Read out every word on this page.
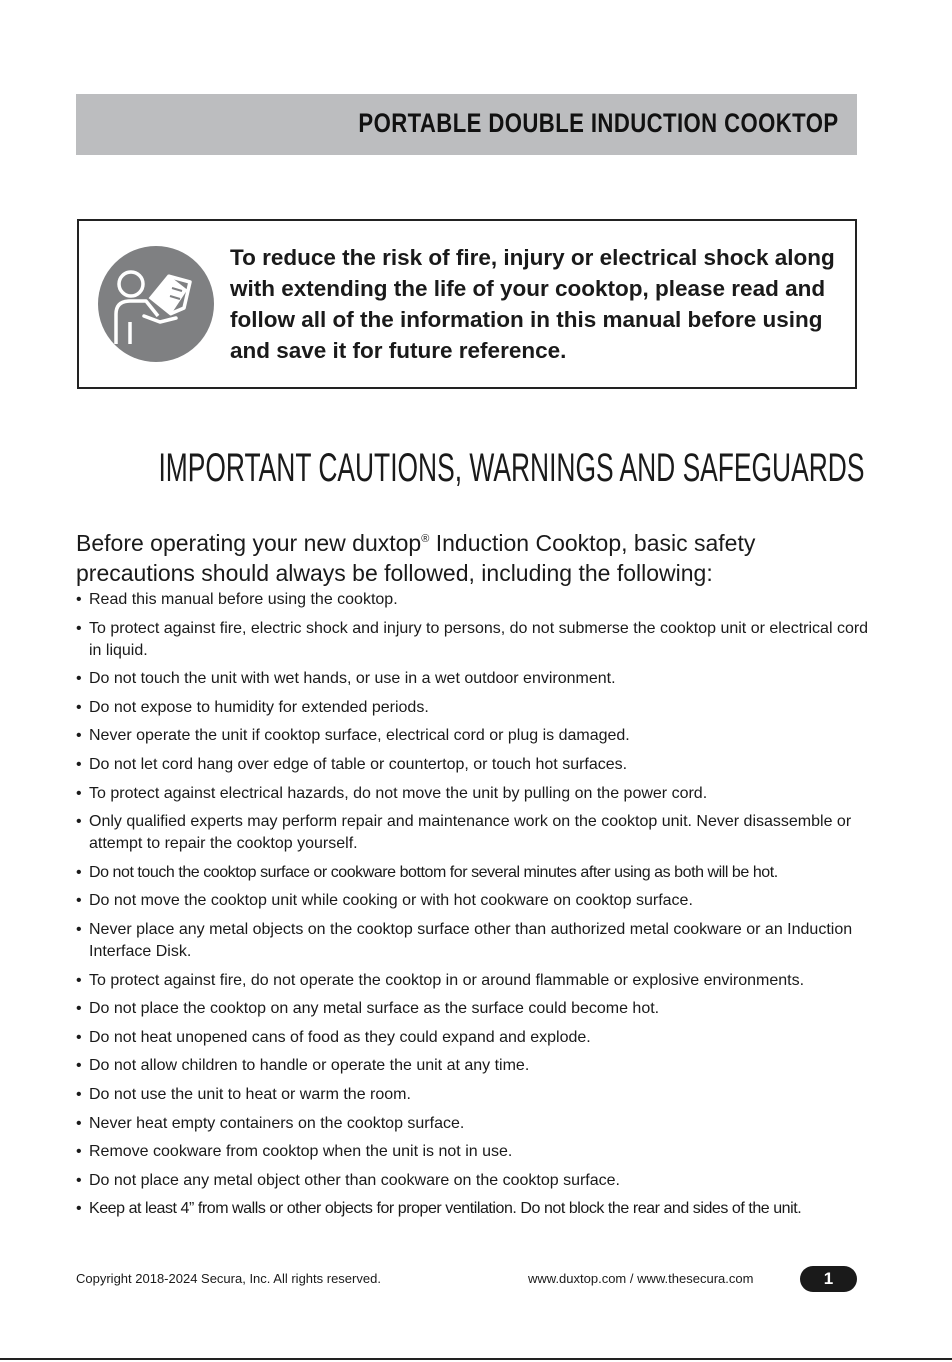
PORTABLE DOUBLE INDUCTION COOKTOP
To reduce the risk of fire, injury or electrical shock along with extending the life of your cooktop, please read and follow all of the information in this manual before using and save it for future reference.
IMPORTANT CAUTIONS, WARNINGS AND SAFEGUARDS
Before operating your new duxtop® Induction Cooktop, basic safety precautions should always be followed, including the following:
• Read this manual before using the cooktop.
• To protect against fire, electric shock and injury to persons, do not submerse the cooktop unit or electrical cord in liquid.
• Do not touch the unit with wet hands, or use in a wet outdoor environment.
• Do not expose to humidity for extended periods.
• Never operate the unit if cooktop surface, electrical cord or plug is damaged.
• Do not let cord hang over edge of table or countertop, or touch hot surfaces.
• To protect against electrical hazards, do not move the unit by pulling on the power cord.
• Only qualified experts may perform repair and maintenance work on the cooktop unit. Never disassemble or attempt to repair the cooktop yourself.
• Do not touch the cooktop surface or cookware bottom for several minutes after using as both will be hot.
• Do not move the cooktop unit while cooking or with hot cookware on cooktop surface.
• Never place any metal objects on the cooktop surface other than authorized metal cookware or an Induction Interface Disk.
• To protect against fire, do not operate the cooktop in or around flammable or explosive environments.
• Do not place the cooktop on any metal surface as the surface could become hot.
• Do not heat unopened cans of food as they could expand and explode.
• Do not allow children to handle or operate the unit at any time.
• Do not use the unit to heat or warm the room.
• Never heat empty containers on the cooktop surface.
• Remove cookware from cooktop when the unit is not in use.
• Do not place any metal object other than cookware on the cooktop surface.
• Keep at least 4” from walls or other objects for proper ventilation. Do not block the rear and sides of the unit.
Copyright 2018-2024 Secura, Inc. All rights reserved.	www.duxtop.com / www.thesecura.com	1
